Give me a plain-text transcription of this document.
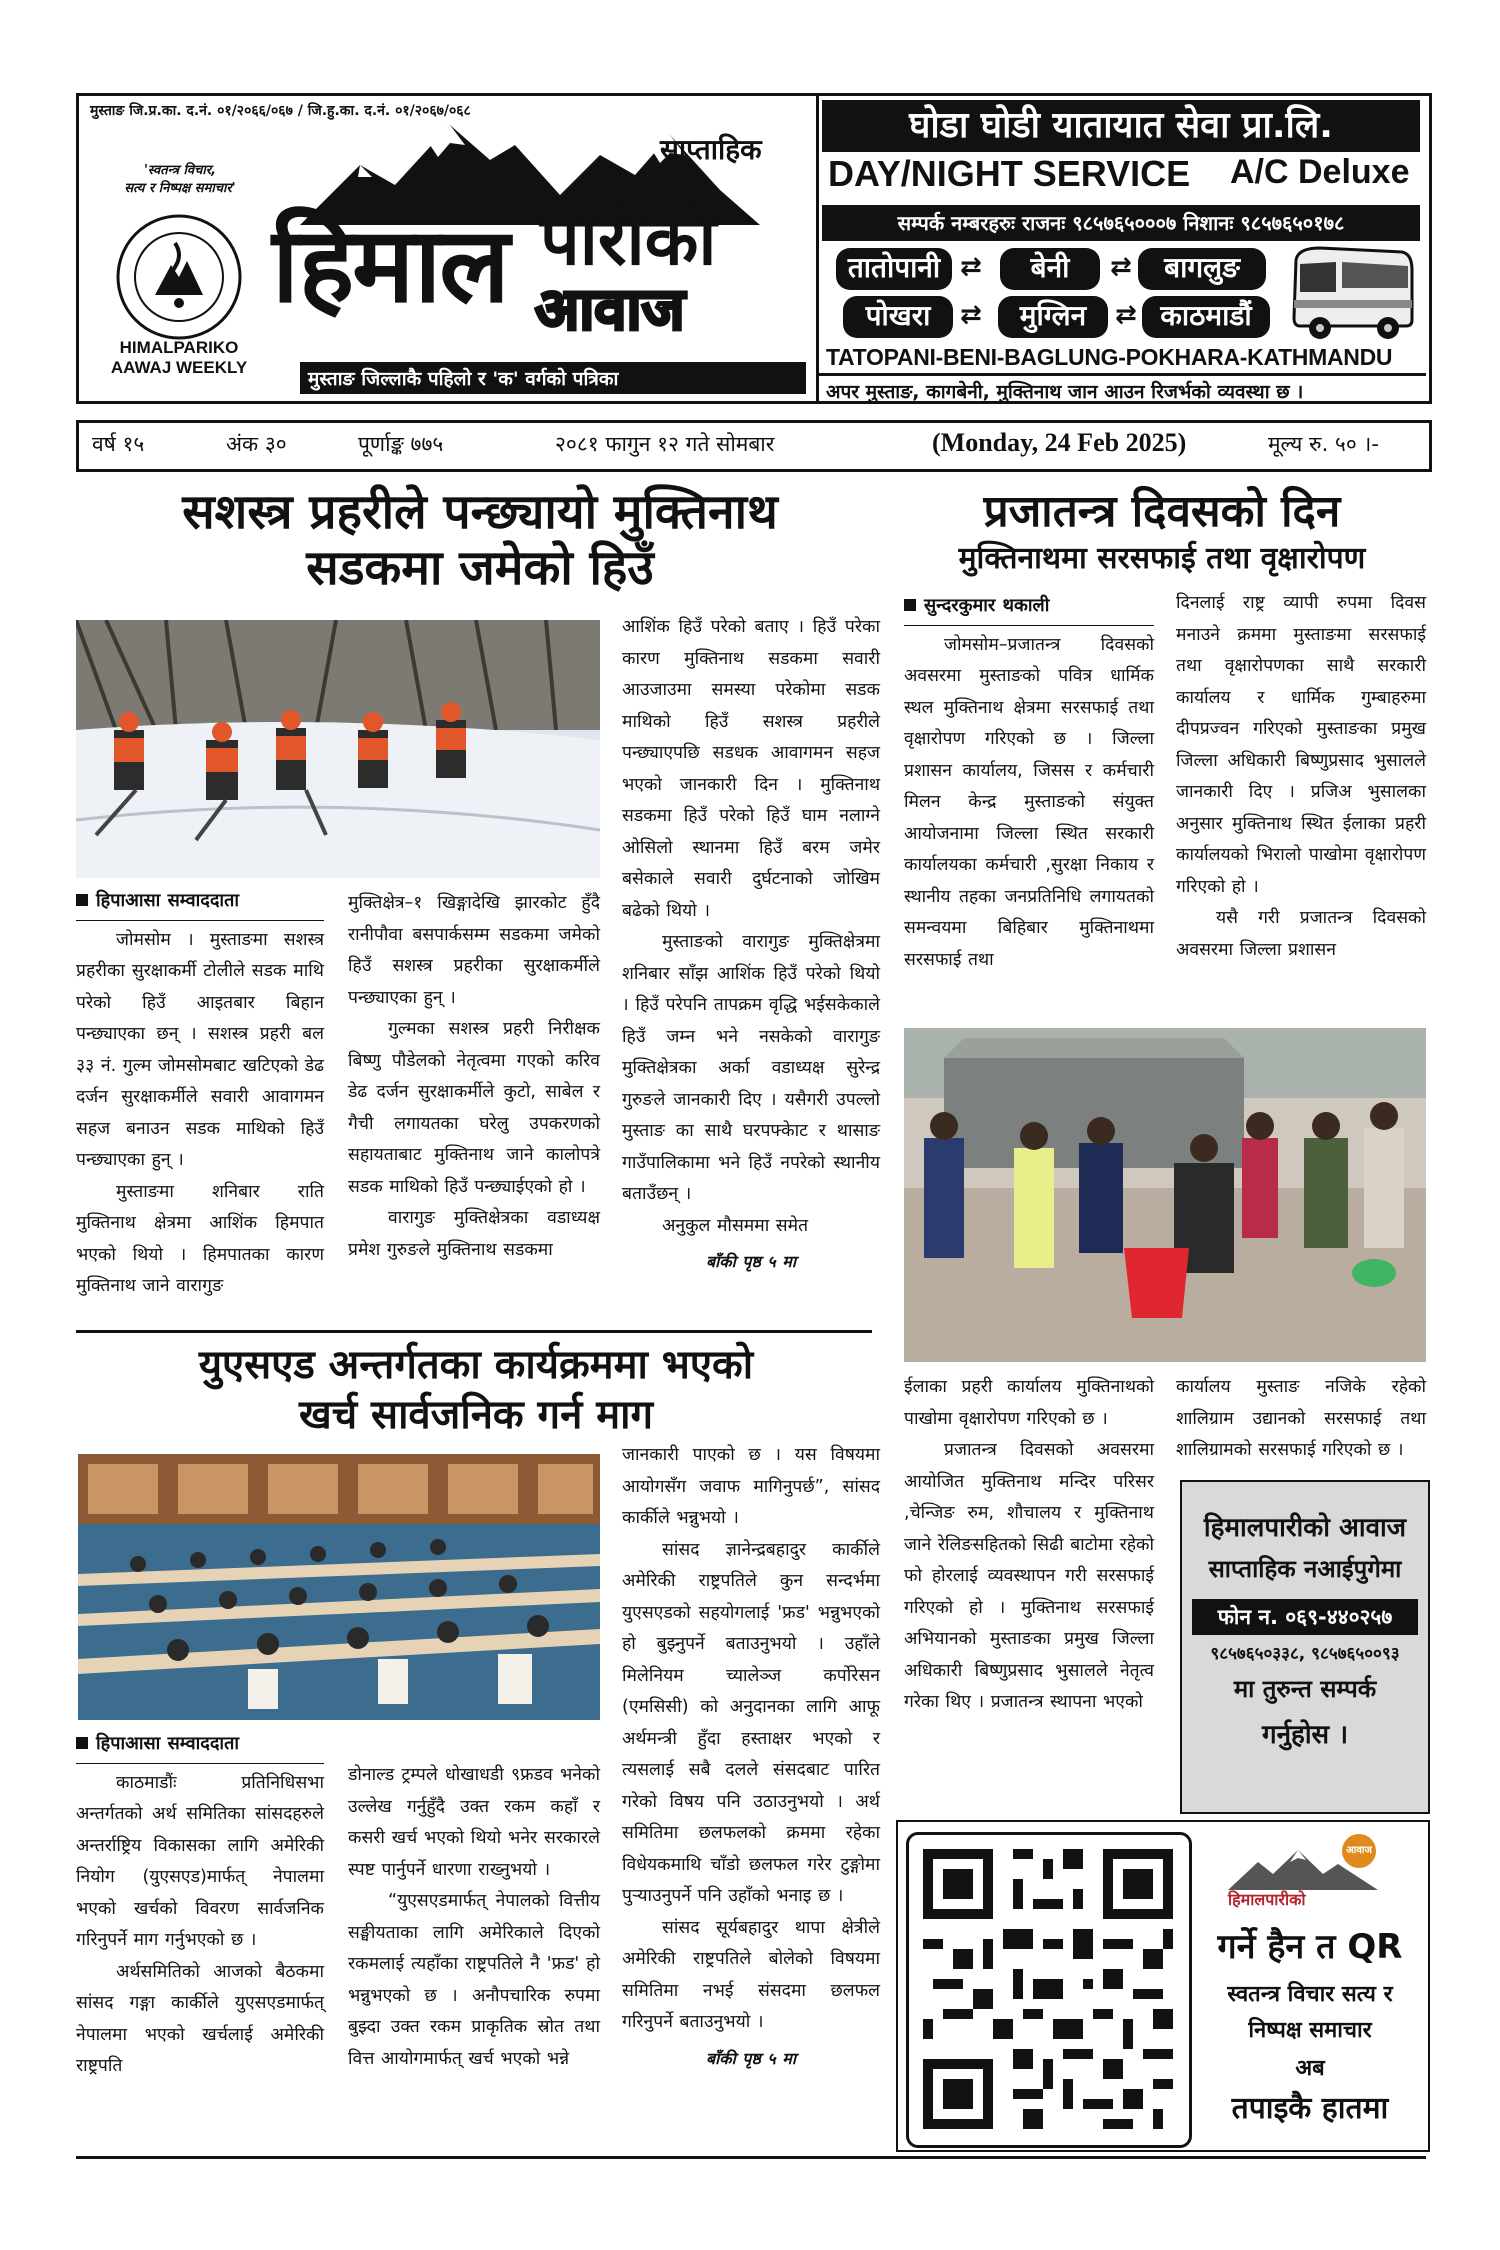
मुस्ताङ जि.प्र.का. द.नं. ०१/२०६६/०६७ / जि.हु.का. द.नं. ०१/२०६७/०६८
'स्वतन्त्र विचार,
सत्य र निष्पक्ष समाचार'
HIMALPARIKO
AAWAJ WEEKLY
साप्ताहिक
हिमाल पारीको
आवाज
मुस्ताङ जिल्लाकै पहिलो र 'क' वर्गको पत्रिका
घोडा घोडी यातायात सेवा प्रा.लि.
DAY/NIGHT SERVICE A/C Deluxe
सम्पर्क नम्बरहरुः राजनः ९८५७६५०००७ निशानः ९८५७६५०१७८
तातोपानी ⇄	बेनी	⇄	बागलुङ
पोखरा	⇄	मुग्लिन	⇄ काठमाडौं
TATOPANI-BENI-BAGLUNG-POKHARA-KATHMANDU
अपर मुस्ताङ, कागबेनी, मुक्तिनाथ जान आउन रिजर्भको व्यवस्था छ ।
वर्ष १५	अंक ३०	पूर्णाङ्क ७७५	२०८१ फागुन १२ गते सोमबार	(Monday, 24 Feb 2025)	मूल्य रु. ५० ।-
सशस्त्र प्रहरीले पन्छ्यायो मुक्तिनाथ
सडकमा जमेको हिउँ
हिपाआसा सम्वाददाता

जोमसोम । मुस्ताङमा सशस्त्र प्रहरीका सुरक्षाकर्मी टोलीले सडक माथि परेको हिउँ आइतबार बिहान पन्छ्याएका छन् । सशस्त्र प्रहरी बल ३३ नं. गुल्म जोमसोमबाट खटिएको डेढ दर्जन सुरक्षाकर्मीले सवारी आवागमन सहज बनाउन सडक माथिको हिउँ पन्छ्याएका हुन् ।

मुस्ताङमा शनिबार राति मुक्तिनाथ क्षेत्रमा आशिंक हिमपात भएको थियो । हिमपातका कारण मुक्तिनाथ जाने वारागुङ

मुक्तिक्षेत्र–१ खिङ्गादेखि झारकोट हुँदै रानीपौवा बसपार्कसम्म सडकमा जमेको हिउँ सशस्त्र प्रहरीका सुरक्षाकर्मीले पन्छ्याएका हुन् ।

गुल्मका सशस्त्र प्रहरी निरीक्षक बिष्णु पौडेलको नेतृत्वमा गएको करिव डेढ दर्जन सुरक्षाकर्मीले कुटो, साबेल र गैची लगायतका घरेलु उपकरणको सहायताबाट मुक्तिनाथ जाने कालोपत्रे सडक माथिको हिउँ पन्छ्याईएको हो ।

वारागुङ मुक्तिक्षेत्रका वडाध्यक्ष प्रमेश गुरुङले मुक्तिनाथ सडकमा

आशिंक हिउँ परेको बताए । हिउँ परेका कारण मुक्तिनाथ सडकमा सवारी आउजाउमा समस्या परेकोमा सडक माथिको हिउँ सशस्त्र प्रहरीले पन्छ्याएपछि सडधक आवागमन सहज भएको जानकारी दिन । मुक्तिनाथ सडकमा हिउँ परेको हिउँ घाम नलाग्ने ओसिलो स्थानमा हिउँ बरम जमेर बसेकाले सवारी दुर्घटनाको जोखिम बढेको थियो ।

मुस्ताङको वारागुङ मुक्तिक्षेत्रमा शनिबार साँझ आशिंक हिउँ परेको थियो । हिउँ परेपनि तापक्रम वृद्धि भईसकेकाले हिउँ जम्न भने नसकेको वारागुङ मुक्तिक्षेत्रका अर्का वडाध्यक्ष सुरेन्द्र गुरुङले जानकारी दिए । यसैगरी उपल्लो मुस्ताङ का साथै घरपफ्केाट र थासाङ गाउँपालिकामा भने हिउँ नपरेको स्थानीय बताउँछन् ।

अनुकुल मौसममा समेत

बाँकी पृष्ठ ५ मा
प्रजातन्त्र दिवसको दिन
मुक्तिनाथमा सरसफाई तथा वृक्षारोपण
सुन्दरकुमार थकाली

जोमसोम–प्रजातन्त्र दिवसको अवसरमा मुस्ताङको पवित्र धार्मिक स्थल मुक्तिनाथ क्षेत्रमा सरसफाई तथा वृक्षारोपण गरिएको छ । जिल्ला प्रशासन कार्यालय, जिसस र कर्मचारी मिलन केन्द्र मुस्ताङको संयुक्त आयोजनामा जिल्ला स्थित सरकारी कार्यालयका कर्मचारी ,सुरक्षा निकाय र स्थानीय तहका जनप्रतिनिधि लगायतको समन्वयमा बिहिबार मुक्तिनाथमा सरसफाई तथा

दिनलाई राष्ट्र व्यापी रुपमा दिवस मनाउने क्रममा मुस्ताङमा सरसफाई तथा वृक्षारोपणका साथै सरकारी कार्यालय र धार्मिक गुम्बाहरुमा दीपप्रज्वन गरिएको मुस्ताङका प्रमुख जिल्ला अधिकारी बिष्णुप्रसाद भुसालले जानकारी दिए । प्रजिअ भुसालका अनुसार मुक्तिनाथ स्थित ईलाका प्रहरी कार्यालयको भिरालो पाखोमा वृक्षारोपण गरिएको हो ।

यसै गरी प्रजातन्त्र दिवसको अवसरमा जिल्ला प्रशासन

ईलाका प्रहरी कार्यालय मुक्तिनाथको पाखोमा वृक्षारोपण गरिएको छ ।

प्रजातन्त्र दिवसको अवसरमा आयोजित मुक्तिनाथ मन्दिर परिसर ,चेन्जिङ रुम, शौचालय र मुक्तिनाथ जाने रेलिङसहितको सिढी बाटोमा रहेको फो होरलाई व्यवस्थापन गरी सरसफाई गरिएको हो । मुक्तिनाथ सरसफाई अभियानको मुस्ताङका प्रमुख जिल्ला अधिकारी बिष्णुप्रसाद भुसालले नेतृत्व गरेका थिए । प्रजातन्त्र स्थापना भएको

कार्यालय मुस्ताङ नजिके रहेको शालिग्राम उद्यानको सरसफाई तथा शालिग्रामको सरसफाई गरिएको छ ।

हिमालपारीको आवाज
साप्ताहिक नआईपुगेमा
फोन न. ०६९-४४०२५७
९८५७६५०३३८, ९८५७६५००९३
मा तुरुन्त सम्पर्क
गर्नुहोस ।
युएसएड अन्तर्गतका कार्यक्रममा भएको
खर्च सार्वजनिक गर्न माग
हिपाआसा सम्वाददाता

काठमाडौंः प्रतिनिधिसभा अन्तर्गतको अर्थ समितिका सांसदहरुले अन्तर्राष्ट्रिय विकासका लागि अमेरिकी नियोग (युएसएड)मार्फत् नेपालमा भएको खर्चको विवरण सार्वजनिक गरिनुपर्ने माग गर्नुभएको छ ।

अर्थसमितिको आजको बैठकमा सांसद गङ्गा कार्कीले युएसएडमार्फत् नेपालमा भएको खर्चलाई अमेरिकी राष्ट्रपति

डोनाल्ड ट्रम्पले धोखाधडी ९फ्रडव भनेको उल्लेख गर्नुहुँदै उक्त रकम कहाँ र कसरी खर्च भएको थियो भनेर सरकारले स्पष्ट पार्नुपर्ने धारणा राख्नुभयो ।

“युएसएडमार्फत् नेपालको वित्तीय सङ्घीयताका लागि अमेरिकाले दिएको रकमलाई त्यहाँका राष्ट्रपतिले नै 'फ्रड' हो भन्नुभएको छ । अनौपचारिक रुपमा बुझ्दा उक्त रकम प्राकृतिक स्रोत तथा वित्त आयोगमार्फत् खर्च भएको भन्ने

जानकारी पाएको छ । यस विषयमा आयोगसँग जवाफ मागिनुपर्छ”, सांसद कार्कीले भन्नुभयो ।

सांसद ज्ञानेन्द्रबहादुर कार्कीले अमेरिकी राष्ट्रपतिले कुन सन्दर्भमा युएसएडको सहयोगलाई 'फ्रड' भन्नुभएको हो बुझ्नुपर्ने बताउनुभयो । उहाँले मिलेनियम च्यालेञ्ज कर्पोरेसन (एमसिसी) को अनुदानका लागि आफू अर्थमन्त्री हुँदा हस्ताक्षर भएको र त्यसलाई सबै दलले संसदबाट पारित गरेको विषय पनि उठाउनुभयो । अर्थ समितिमा छलफलको क्रममा रहेका विधेयकमाथि चाँडो छलफल गरेर टुङ्गोमा पुऱ्याउनुपर्ने पनि उहाँको भनाइ छ ।

सांसद सूर्यबहादुर थापा क्षेत्रीले अमेरिकी राष्ट्रपतिले बोलेको विषयमा समितिमा नभई संसदमा छलफल गरिनुपर्ने बताउनुभयो ।

बाँकी पृष्ठ ५ मा
हिमालपारीको
आवाज
गर्ने हैन त QR
स्वतन्त्र विचार सत्य र
निष्पक्ष समाचार
अब
तपाइकै हातमा
